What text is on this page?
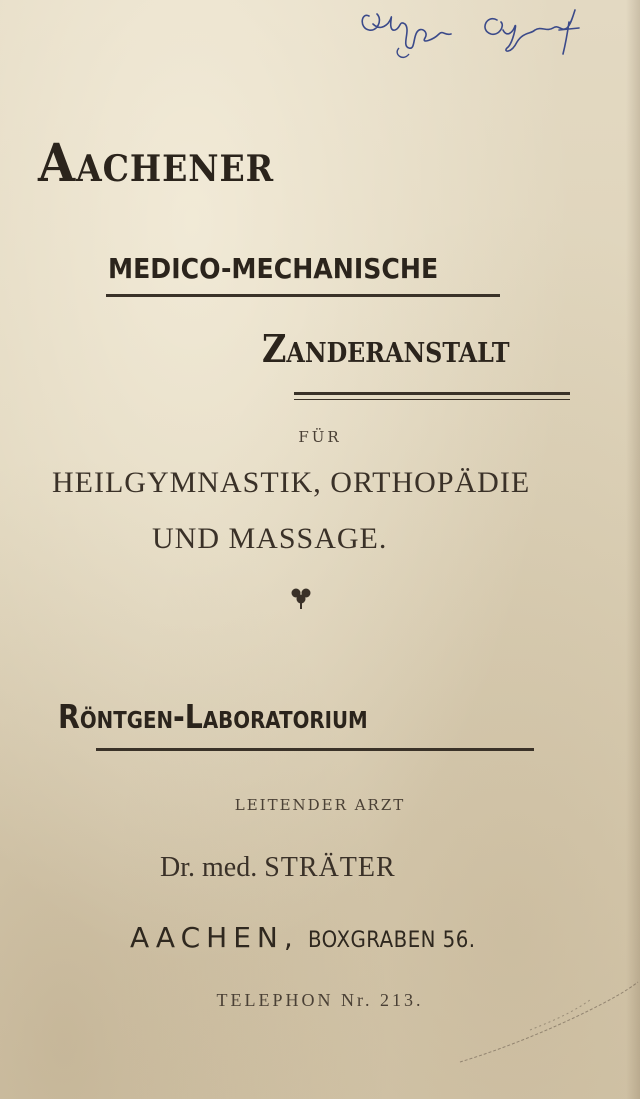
Aachener
MEDICO-MECHANISCHE
Zanderanstalt
FÜR
HEILGYMNASTIK, ORTHOPÄDIE
UND MASSAGE.
Röntgen-Laboratorium
LEITENDER ARZT
Dr. med. STRÄTER
AACHEN, BOXGRABEN 56.
TELEPHON Nr. 213.
